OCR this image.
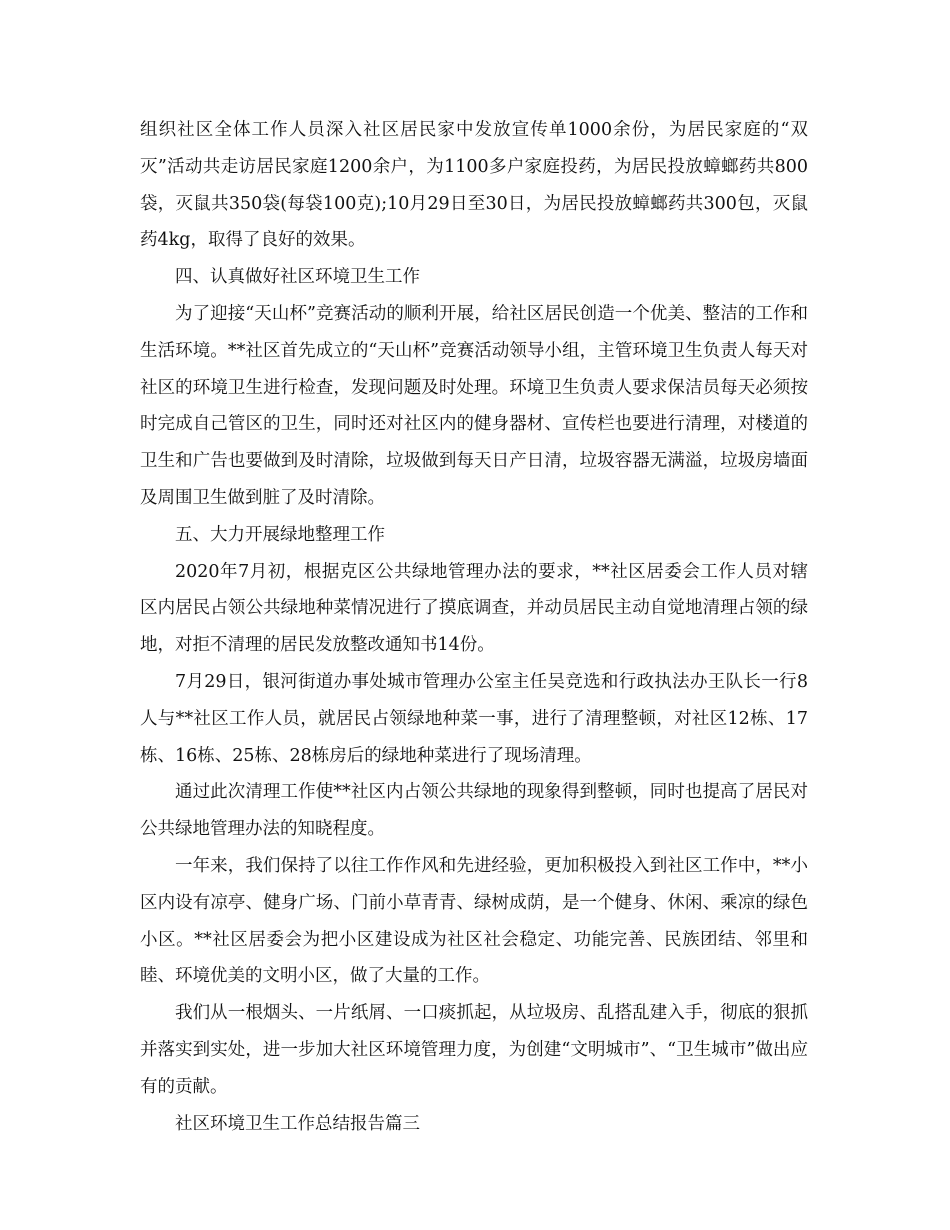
组织社区全体工作人员深入社区居民家中发放宣传单1000余份，为居民家庭的“双灭”活动共走访居民家庭1200余户，为1100多户家庭投药，为居民投放蟑螂药共800袋，灭鼠共350袋(每袋100克);10月29日至30日，为居民投放蟑螂药共300包，灭鼠药4kg，取得了良好的效果。

四、认真做好社区环境卫生工作

为了迎接“天山杯”竞赛活动的顺利开展，给社区居民创造一个优美、整洁的工作和生活环境。**社区首先成立的“天山杯”竞赛活动领导小组，主管环境卫生负责人每天对社区的环境卫生进行检查，发现问题及时处理。环境卫生负责人要求保洁员每天必须按时完成自己管区的卫生，同时还对社区内的健身器材、宣传栏也要进行清理，对楼道的卫生和广告也要做到及时清除，垃圾做到每天日产日清，垃圾容器无满溢，垃圾房墙面及周围卫生做到脏了及时清除。

五、大力开展绿地整理工作

2020年7月初，根据克区公共绿地管理办法的要求，**社区居委会工作人员对辖区内居民占领公共绿地种菜情况进行了摸底调查，并动员居民主动自觉地清理占领的绿地，对拒不清理的居民发放整改通知书14份。

7月29日，银河街道办事处城市管理办公室主任吴竞选和行政执法办王队长一行8人与**社区工作人员，就居民占领绿地种菜一事，进行了清理整顿，对社区12栋、17栋、16栋、25栋、28栋房后的绿地种菜进行了现场清理。

通过此次清理工作使**社区内占领公共绿地的现象得到整顿，同时也提高了居民对公共绿地管理办法的知晓程度。

一年来，我们保持了以往工作作风和先进经验，更加积极投入到社区工作中，**小区内设有凉亭、健身广场、门前小草青青、绿树成荫，是一个健身、休闲、乘凉的绿色小区。**社区居委会为把小区建设成为社区社会稳定、功能完善、民族团结、邻里和睦、环境优美的文明小区，做了大量的工作。

我们从一根烟头、一片纸屑、一口痰抓起，从垃圾房、乱搭乱建入手，彻底的狠抓并落实到实处，进一步加大社区环境管理力度，为创建“文明城市”、“卫生城市”做出应有的贡献。

社区环境卫生工作总结报告篇三
